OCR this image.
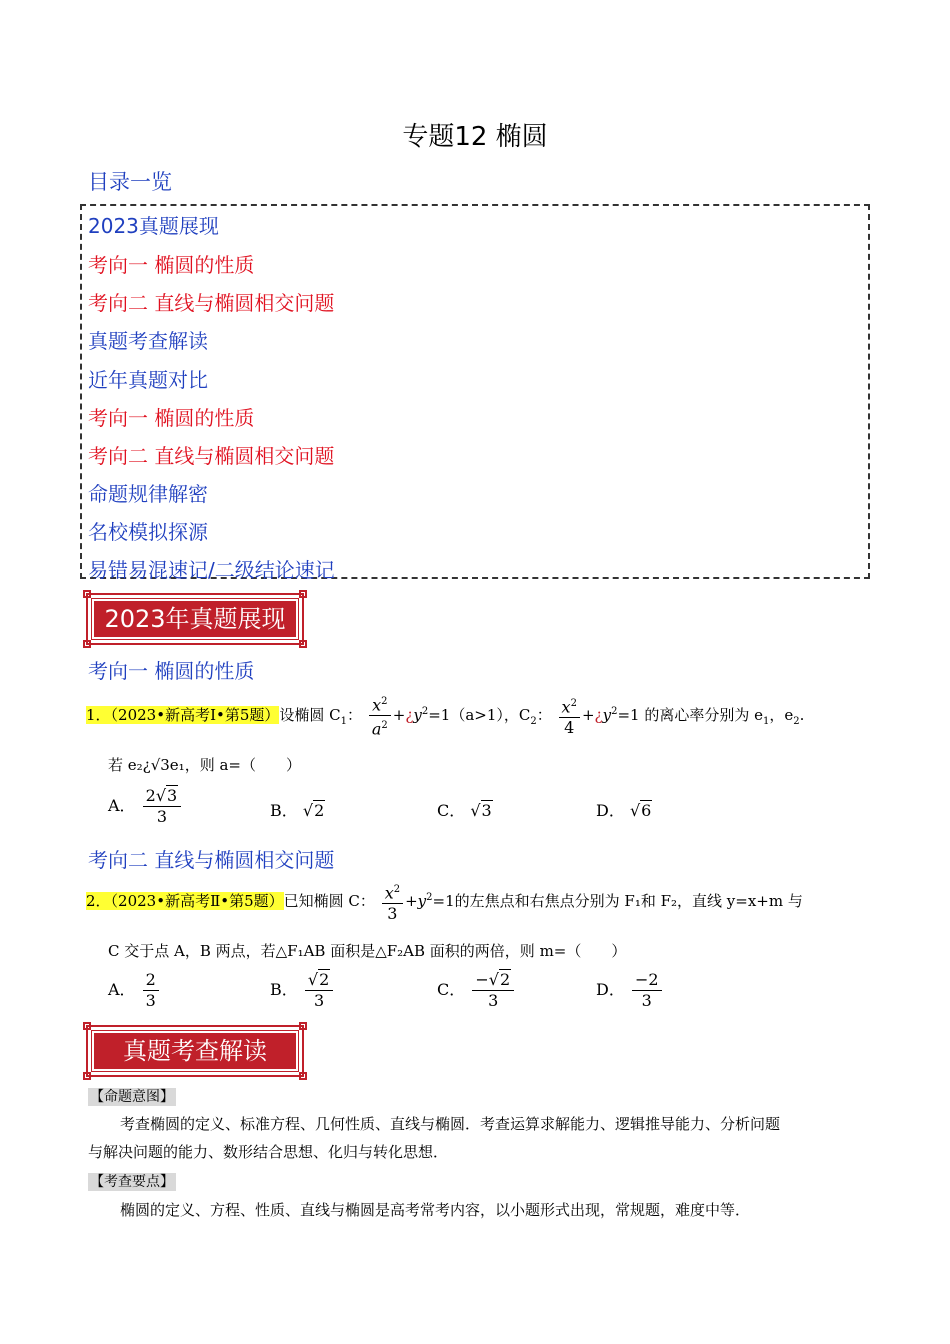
专题12 椭圆
目录一览
2023真题展现
考向一 椭圆的性质
考向二 直线与椭圆相交问题
真题考查解读
近年真题对比
考向一 椭圆的性质
考向二 直线与椭圆相交问题
命题规律解密
名校模拟探源
易错易混速记/二级结论速记
2023年真题展现
考向一 椭圆的性质
1．（2023•新高考Ⅰ•第5题）设椭圆 $C_1$： $\frac{x^2}{a^2}$ $+¿y^2=1(a>1)$，$C_2$： $\frac{x^2}{4}$ $+¿y^2=1$ 的离心率分别为 $e_1$，$e_2$.
若 e₂¿√3e₁，则 a=（　　）
A． $\frac{2√3}{3}$	B． √2	C． √3	D． √6
考向二 直线与椭圆相交问题
2．（2023•新高考Ⅱ•第5题）已知椭圆 C： $\frac{x^2}{3} +y^2=1$的左焦点和右焦点分别为 F₁和 F₂，直线 y=x+m 与
C 交于点 A，B 两点，若△F₁AB 面积是△F₂AB 面积的两倍，则 m=（　　）
A． $\frac{2}{3}$	B． $\frac{√2}{3}$	C． $\frac{-√2}{3}$	D． $\frac{-2}{3}$
真题考查解读
【命题意图】
考查椭圆的定义、标准方程、几何性质、直线与椭圆．考查运算求解能力、逻辑推导能力、分析问题
与解决问题的能力、数形结合思想、化归与转化思想．
【考查要点】
椭圆的定义、方程、性质、直线与椭圆是高考常考内容，以小题形式出现，常规题，难度中等．
